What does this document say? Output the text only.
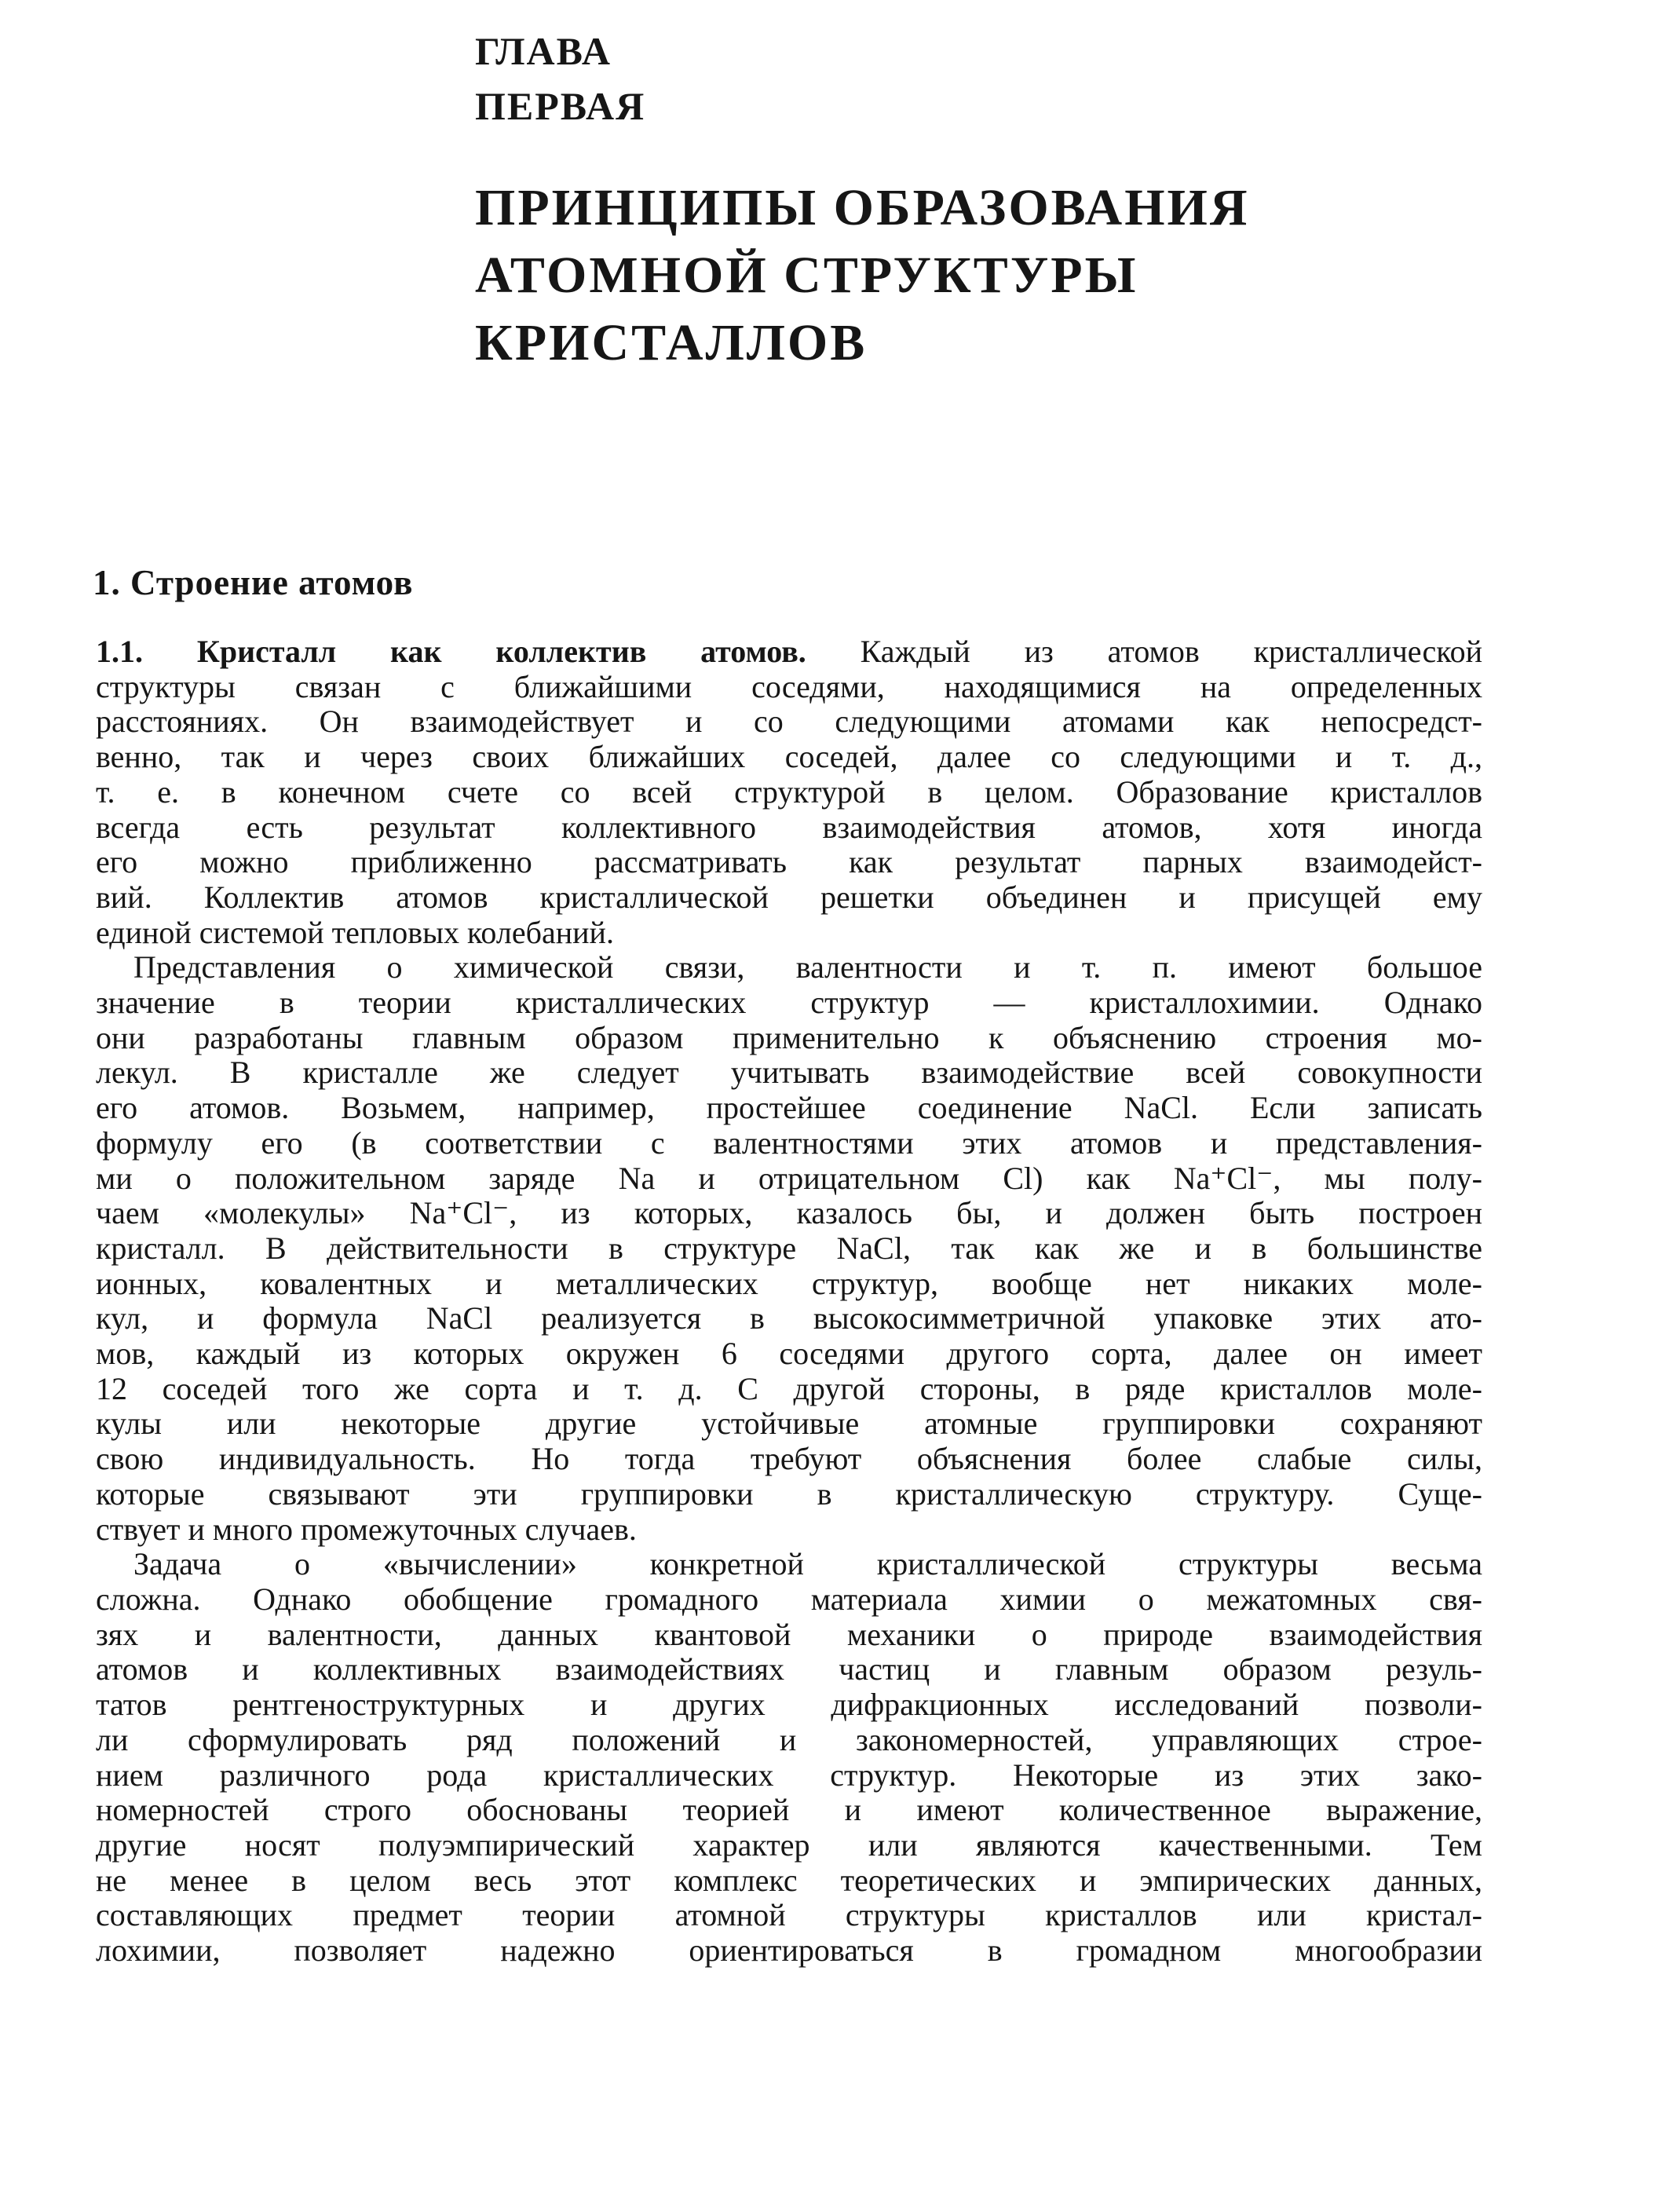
ГЛАВА

ПЕРВАЯ

ПРИНЦИПЫ ОБРАЗОВАНИЯ
АТОМНОЙ СТРУКТУРЫ
КРИСТАЛЛОВ

1. Строение атомов
1.1. Кристалл как коллектив атомов. Каждый из атомов кристаллической
структуры связан с ближайшими соседями, находящимися на определенных
расстояниях. Он взаимодействует и со следующими атомами как непосредст-
венно, так и через своих ближайших соседей, далее со следующими и т. д.,
т. е. в конечном счете со всей структурой в целом. Образование кристаллов
всегда есть результат коллективного взаимодействия атомов, хотя иногда
его можно приближенно рассматривать как результат парных взаимодейст-
вий. Коллектив атомов кристаллической решетки объединен и присущей ему
единой системой тепловых колебаний.
Представления о химической связи, валентности и т. п. имеют большое
значение в теории кристаллических структур — кристаллохимии. Однако
они разработаны главным образом применительно к объяснению строения мо-
лекул. В кристалле же следует учитывать взаимодействие всей совокупности
его атомов. Возьмем, например, простейшее соединение NaCl. Если записать
формулу его (в соответствии с валентностями этих атомов и представления-
ми о положительном заряде Na и отрицательном Cl) как Na⁺Cl⁻, мы полу-
чаем «молекулы» Na⁺Cl⁻, из которых, казалось бы, и должен быть построен
кристалл. В действительности в структуре NaCl, так как же и в большинстве
ионных, ковалентных и металлических структур, вообще нет никаких моле-
кул, и формула NaCl реализуется в высокосимметричной упаковке этих ато-
мов, каждый из которых окружен 6 соседями другого сорта, далее он имеет
12 соседей того же сорта и т. д. С другой стороны, в ряде кристаллов моле-
кулы или некоторые другие устойчивые атомные группировки сохраняют
свою индивидуальность. Но тогда требуют объяснения более слабые силы,
которые связывают эти группировки в кристаллическую структуру. Суще-
ствует и много промежуточных случаев.
Задача о «вычислении» конкретной кристаллической структуры весьма
сложна. Однако обобщение громадного материала химии о межатомных свя-
зях и валентности, данных квантовой механики о природе взаимодействия
атомов и коллективных взаимодействиях частиц и главным образом резуль-
татов рентгеноструктурных и других дифракционных исследований позволи-
ли сформулировать ряд положений и закономерностей, управляющих строе-
нием различного рода кристаллических структур. Некоторые из этих зако-
номерностей строго обоснованы теорией и имеют количественное выражение,
другие носят полуэмпирический характер или являются качественными. Тем
не менее в целом весь этот комплекс теоретических и эмпирических данных,
составляющих предмет теории атомной структуры кристаллов или кристал-
лохимии, позволяет надежно ориентироваться в громадном многообразии
